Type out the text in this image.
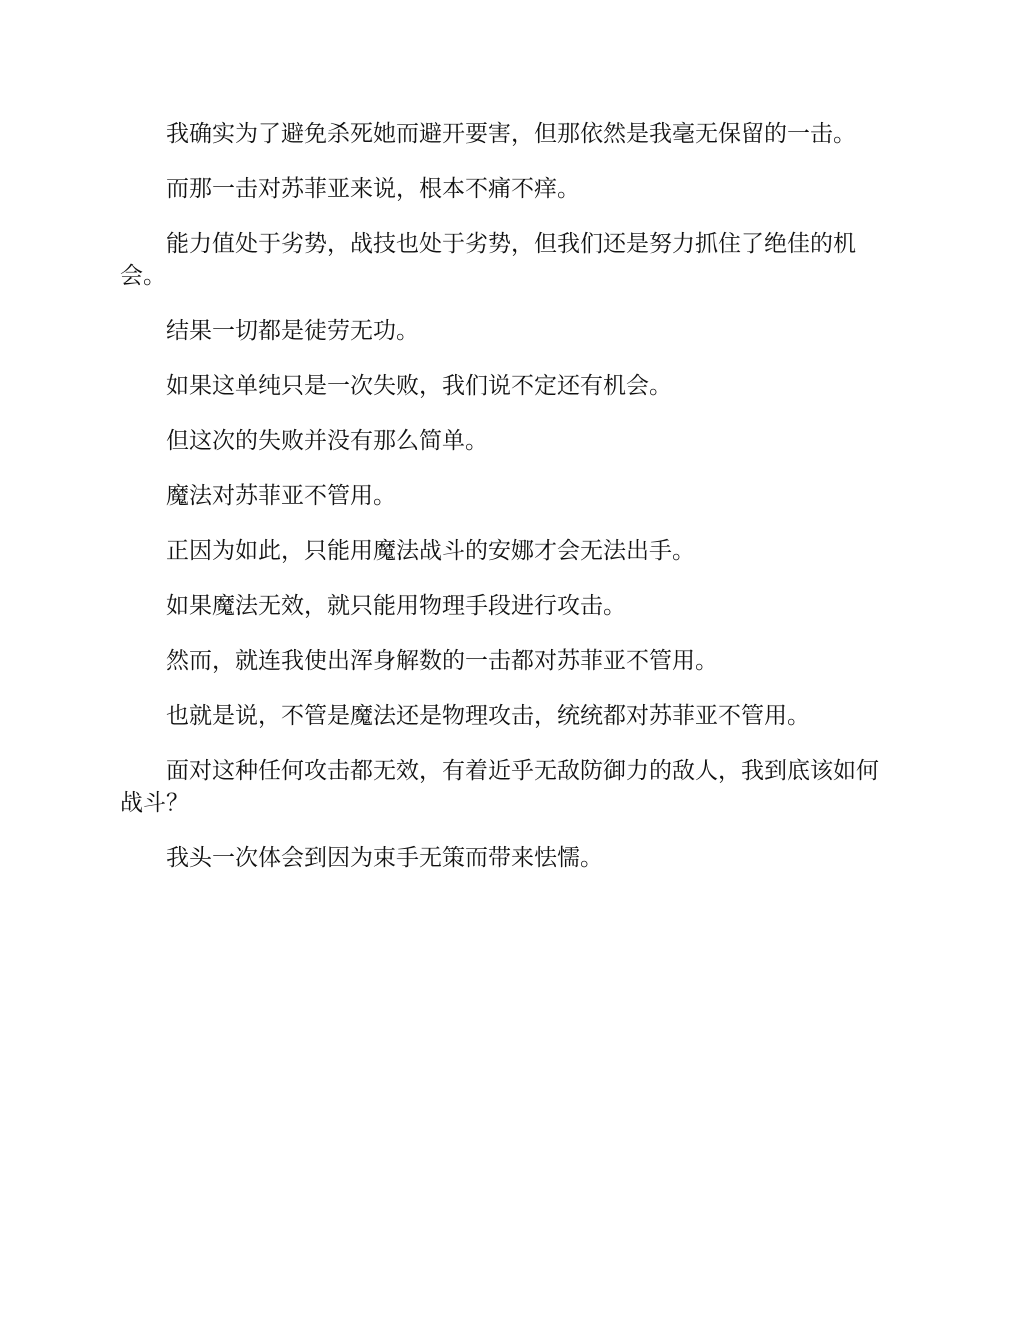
我确实为了避免杀死她而避开要害，但那依然是我毫无保留的一击。

而那一击对苏菲亚来说，根本不痛不痒。

能力值处于劣势，战技也处于劣势，但我们还是努力抓住了绝佳的机会。

结果一切都是徒劳无功。

如果这单纯只是一次失败，我们说不定还有机会。

但这次的失败并没有那么简单。

魔法对苏菲亚不管用。

正因为如此，只能用魔法战斗的安娜才会无法出手。

如果魔法无效，就只能用物理手段进行攻击。

然而，就连我使出浑身解数的一击都对苏菲亚不管用。

也就是说，不管是魔法还是物理攻击，统统都对苏菲亚不管用。

面对这种任何攻击都无效，有着近乎无敌防御力的敌人，我到底该如何战斗？

我头一次体会到因为束手无策而带来怯懦。
